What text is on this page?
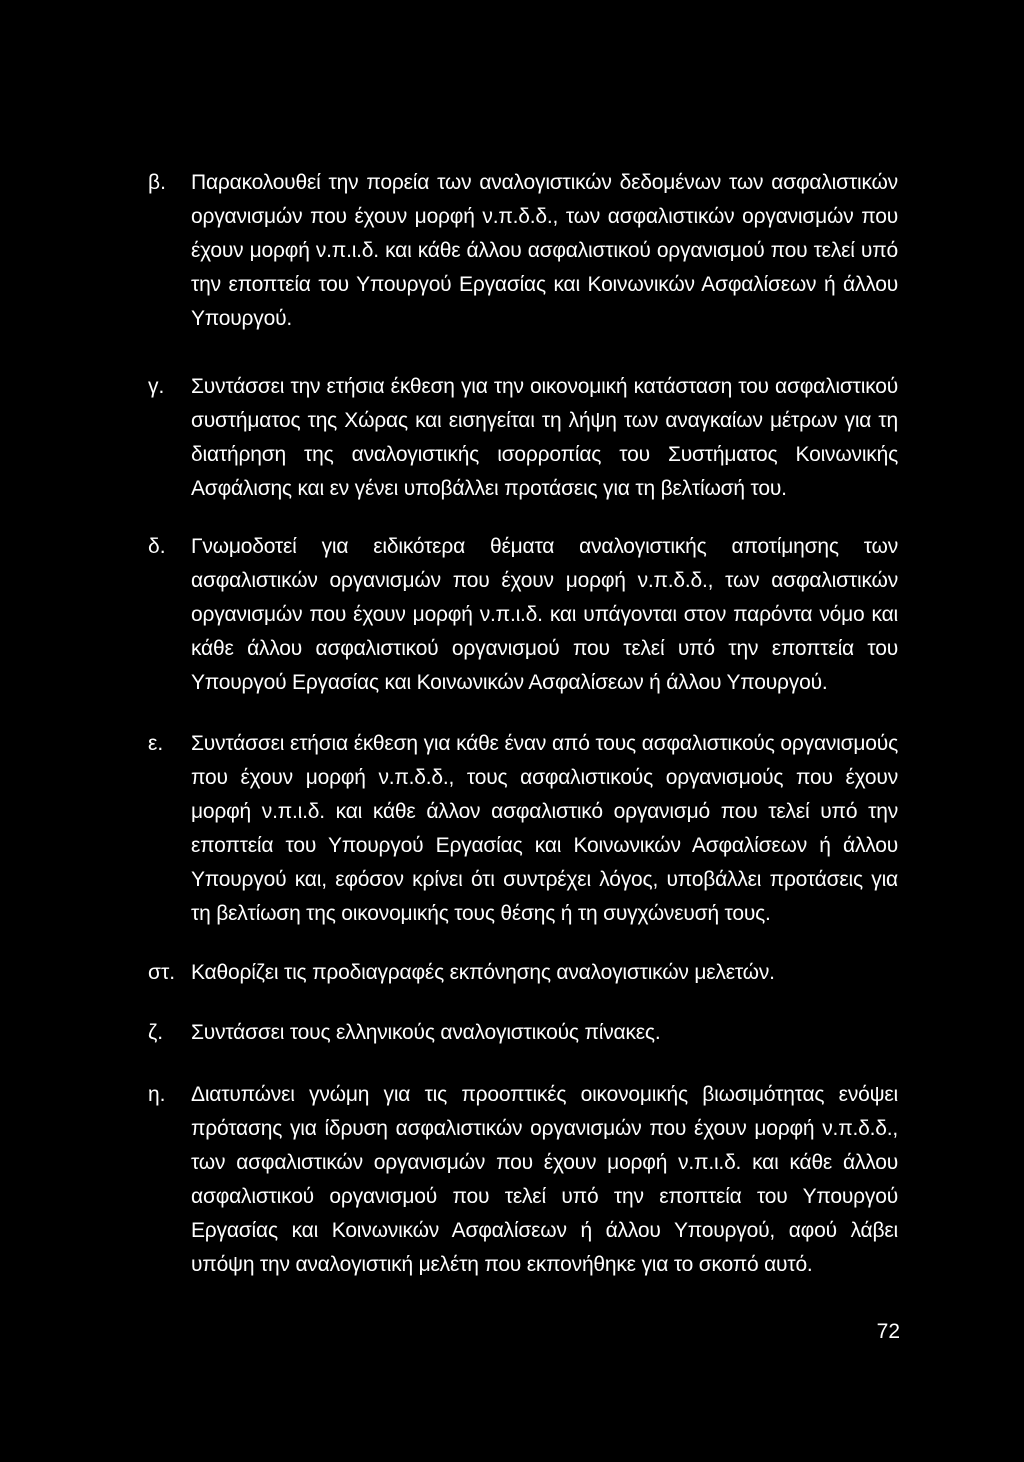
β.	Παρακολουθεί την πορεία των αναλογιστικών δεδομένων των ασφαλιστικών οργανισμών που έχουν μορφή ν.π.δ.δ., των ασφαλιστικών οργανισμών που έχουν μορφή ν.π.ι.δ. και κάθε άλλου ασφαλιστικού οργανισμού που τελεί υπό την εποπτεία του Υπουργού Εργασίας και Κοινωνικών Ασφαλίσεων ή άλλου Υπουργού.
γ.	Συντάσσει την ετήσια έκθεση για την οικονομική κατάσταση του ασφαλιστικού συστήματος της Χώρας και εισηγείται τη λήψη των αναγκαίων μέτρων για τη διατήρηση της αναλογιστικής ισορροπίας του Συστήματος Κοινωνικής Ασφάλισης και εν γένει υποβάλλει προτάσεις για τη βελτίωσή του.
δ.	Γνωμοδοτεί για ειδικότερα θέματα αναλογιστικής αποτίμησης των ασφαλιστικών οργανισμών που έχουν μορφή ν.π.δ.δ., των ασφαλιστικών οργανισμών που έχουν μορφή ν.π.ι.δ. και υπάγονται στον παρόντα νόμο και κάθε άλλου ασφαλιστικού οργανισμού που τελεί υπό την εποπτεία του Υπουργού Εργασίας και Κοινωνικών Ασφαλίσεων ή άλλου Υπουργού.
ε.	Συντάσσει ετήσια έκθεση για κάθε έναν από τους ασφαλιστικούς οργανισμούς που έχουν μορφή ν.π.δ.δ., τους ασφαλιστικούς οργανισμούς που έχουν μορφή ν.π.ι.δ. και κάθε άλλον ασφαλιστικό οργανισμό που τελεί υπό την εποπτεία του Υπουργού Εργασίας και Κοινωνικών Ασφαλίσεων ή άλλου Υπουργού και, εφόσον κρίνει ότι συντρέχει λόγος, υποβάλλει προτάσεις για τη βελτίωση της οικονομικής τους θέσης ή τη συγχώνευσή τους.
στ. Καθορίζει τις προδιαγραφές εκπόνησης αναλογιστικών μελετών.
ζ.	Συντάσσει τους ελληνικούς αναλογιστικούς πίνακες.
η.	Διατυπώνει γνώμη για τις προοπτικές οικονομικής βιωσιμότητας ενόψει πρότασης για ίδρυση ασφαλιστικών οργανισμών που έχουν μορφή ν.π.δ.δ., των ασφαλιστικών οργανισμών που έχουν μορφή ν.π.ι.δ. και κάθε άλλου ασφαλιστικού οργανισμού που τελεί υπό την εποπτεία του Υπουργού Εργασίας και Κοινωνικών Ασφαλίσεων ή άλλου Υπουργού, αφού λάβει υπόψη την αναλογιστική μελέτη που εκπονήθηκε για το σκοπό αυτό.
72
